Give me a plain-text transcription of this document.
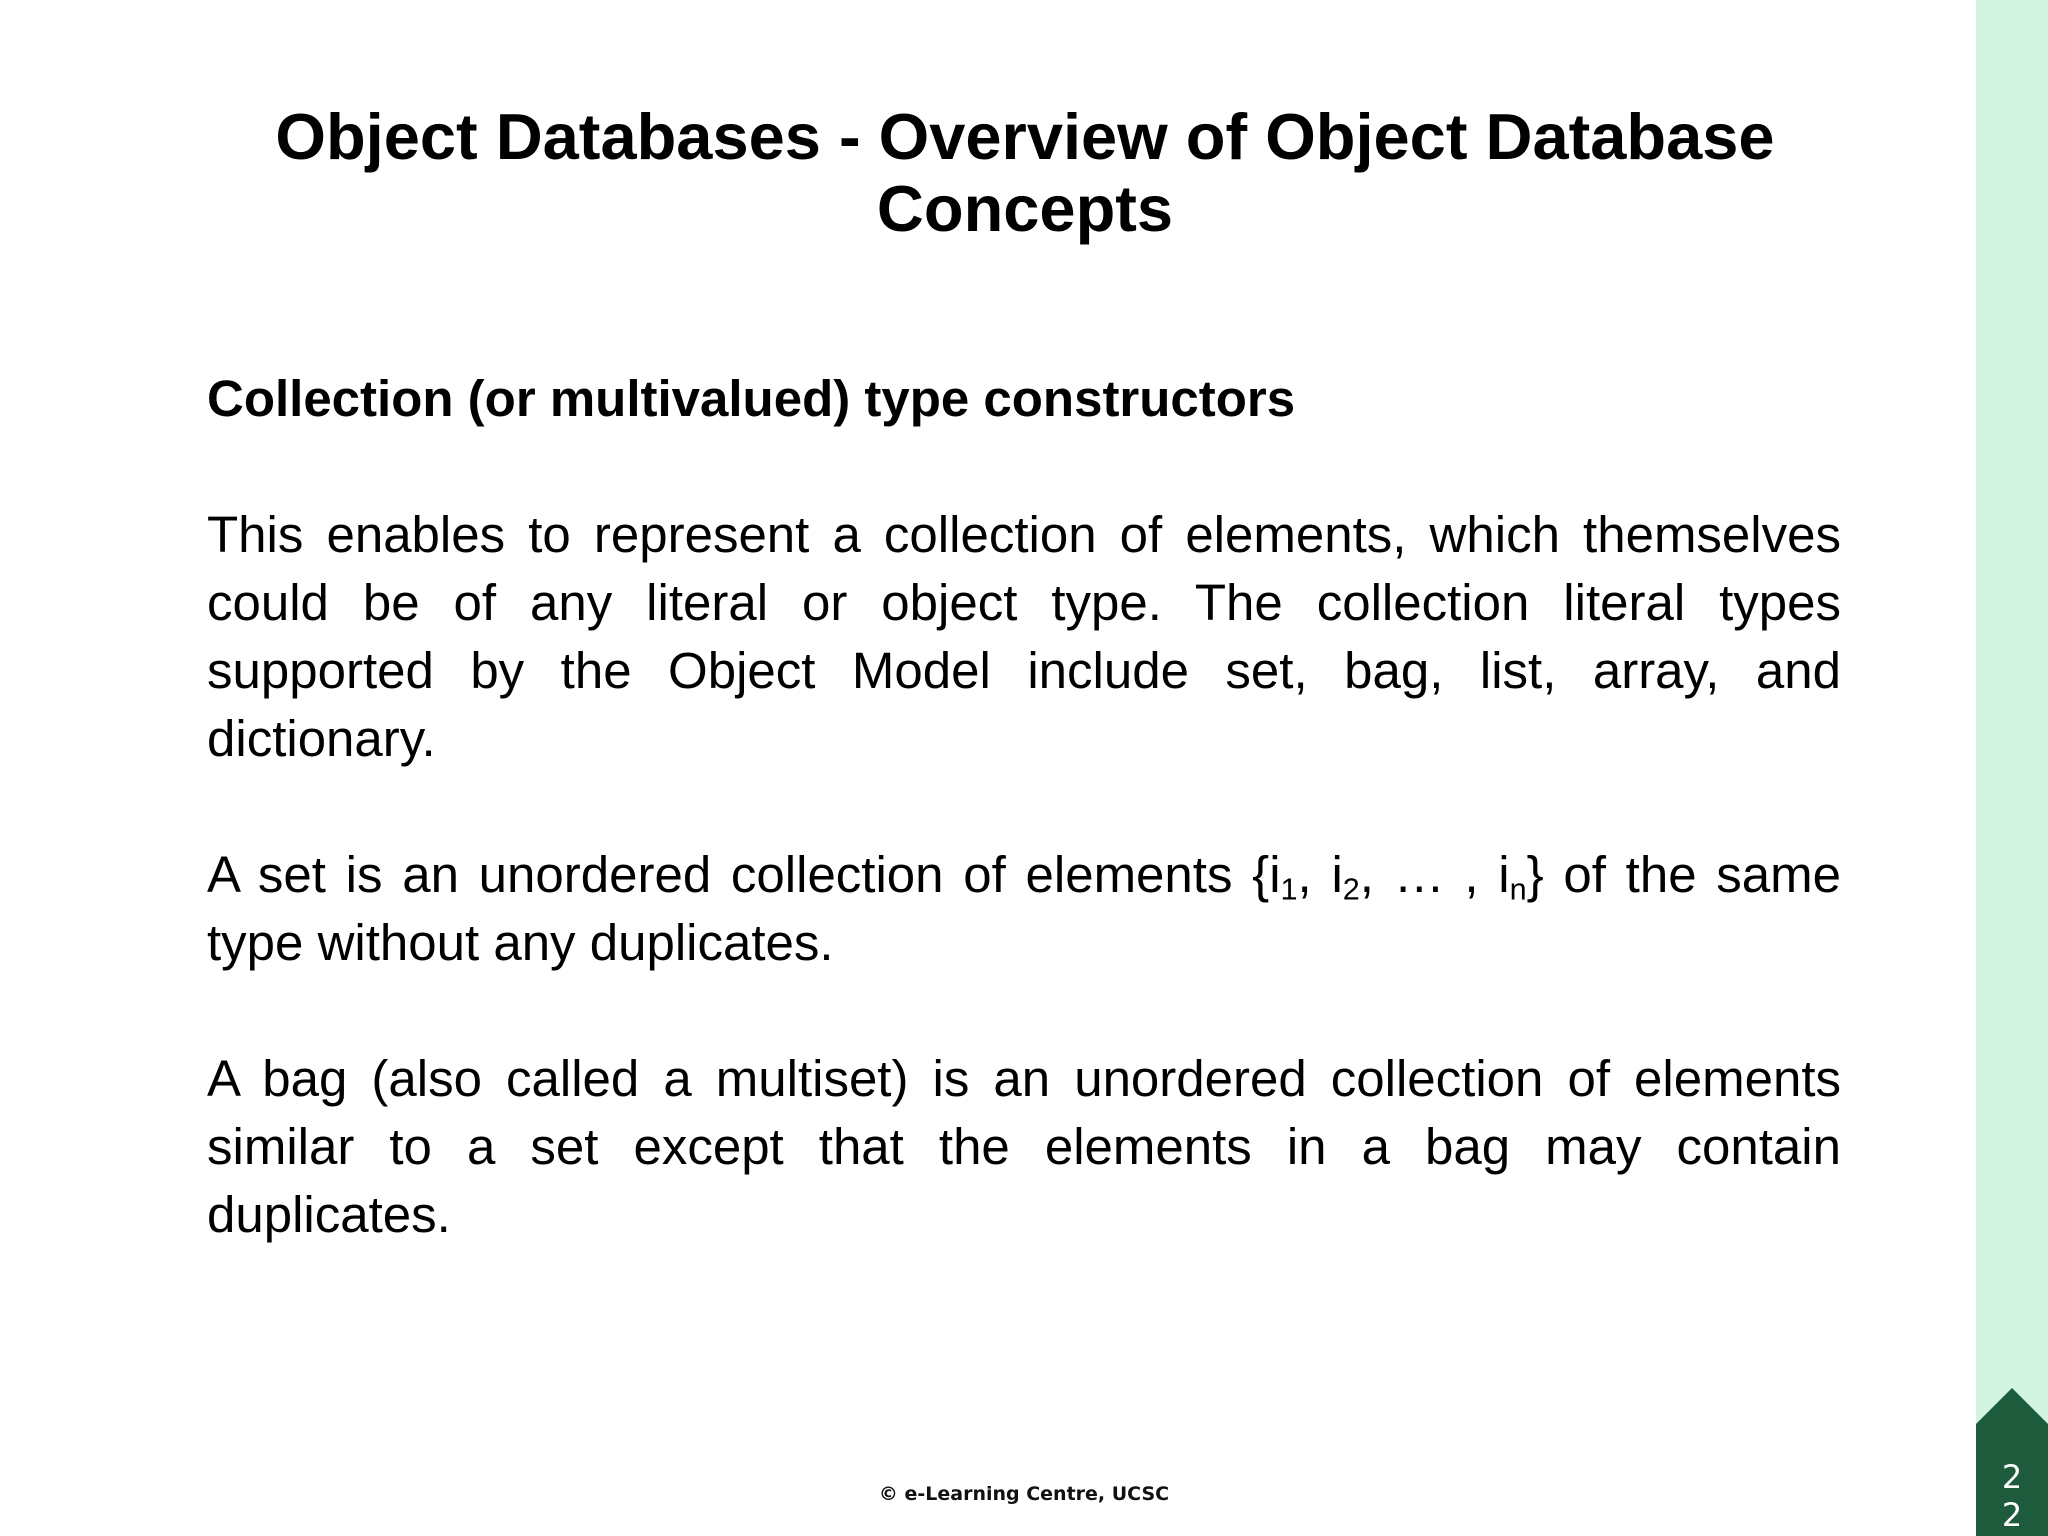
Object Databases - Overview of Object Database Concepts

Collection (or multivalued) type constructors

This enables to represent a collection of elements, which themselves could be of any literal or object type. The collection literal types supported by the Object Model include set, bag, list, array, and dictionary.

A set is an unordered collection of elements {$i_1$, $i_2$, … , $i_n$} of the same type without any duplicates.

A bag (also called a multiset) is an unordered collection of elements similar to a set except that the elements in a bag may contain duplicates.

© e-Learning Centre, UCSC	2
2
